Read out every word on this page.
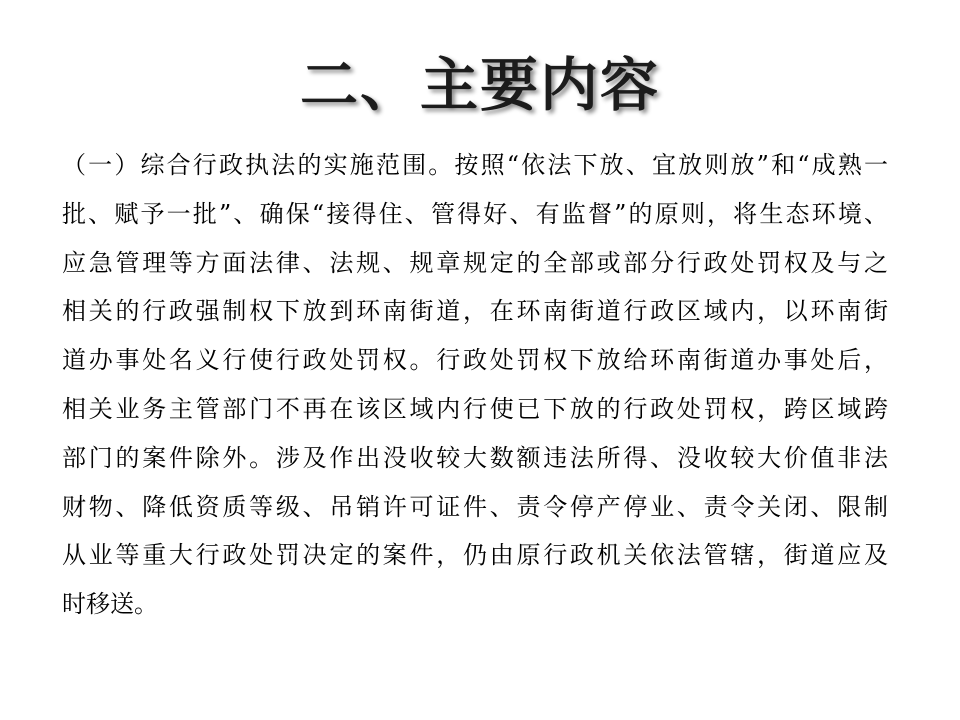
二、主要内容
（一）综合行政执法的实施范围。按照“依法下放、宜放则放”和“成熟一
批、赋予一批”、确保“接得住、管得好、有监督”的原则，将生态环境、
应急管理等方面法律、法规、规章规定的全部或部分行政处罚权及与之
相关的行政强制权下放到环南街道，在环南街道行政区域内，以环南街
道办事处名义行使行政处罚权。行政处罚权下放给环南街道办事处后，
相关业务主管部门不再在该区域内行使已下放的行政处罚权，跨区域跨
部门的案件除外。涉及作出没收较大数额违法所得、没收较大价值非法
财物、降低资质等级、吊销许可证件、责令停产停业、责令关闭、限制
从业等重大行政处罚决定的案件，仍由原行政机关依法管辖，街道应及
时移送。
